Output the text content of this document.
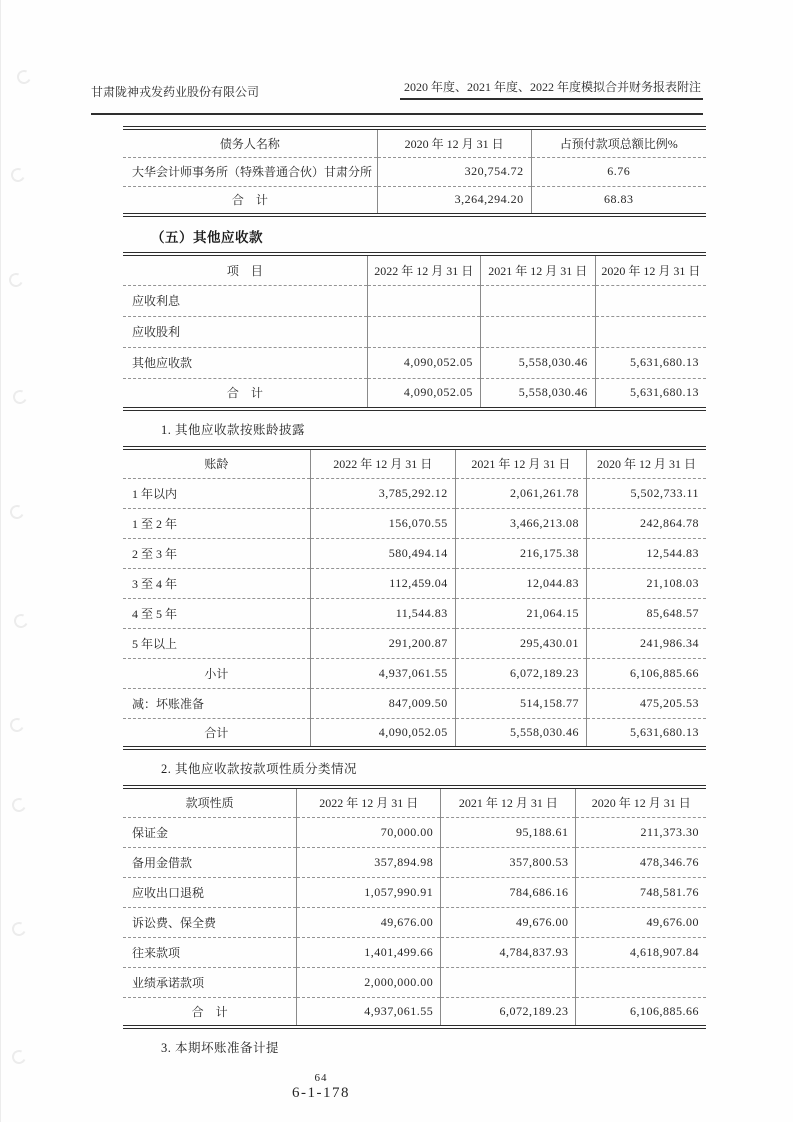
甘肃陇神戎发药业股份有限公司	2020 年度、2021 年度、2022 年度模拟合并财务报表附注
债务人名称	2020 年 12 月 31 日	占预付款项总额比例%
大华会计师事务所（特殊普通合伙）甘肃分所	320,754.72	6.76
合　计	3,264,294.20	68.83
（五）其他应收款
项　目	2022 年 12 月 31 日	2021 年 12 月 31 日	2020 年 12 月 31 日
应收利息			
应收股利			
其他应收款	4,090,052.05	5,558,030.46	5,631,680.13
合　计	4,090,052.05	5,558,030.46	5,631,680.13
1. 其他应收款按账龄披露
账龄	2022 年 12 月 31 日	2021 年 12 月 31 日	2020 年 12 月 31 日
1 年以内	3,785,292.12	2,061,261.78	5,502,733.11
1 至 2 年	156,070.55	3,466,213.08	242,864.78
2 至 3 年	580,494.14	216,175.38	12,544.83
3 至 4 年	112,459.04	12,044.83	21,108.03
4 至 5 年	11,544.83	21,064.15	85,648.57
5 年以上	291,200.87	295,430.01	241,986.34
小计	4,937,061.55	6,072,189.23	6,106,885.66
减：坏账准备	847,009.50	514,158.77	475,205.53
合计	4,090,052.05	5,558,030.46	5,631,680.13
2. 其他应收款按款项性质分类情况
款项性质	2022 年 12 月 31 日	2021 年 12 月 31 日	2020 年 12 月 31 日
保证金	70,000.00	95,188.61	211,373.30
备用金借款	357,894.98	357,800.53	478,346.76
应收出口退税	1,057,990.91	784,686.16	748,581.76
诉讼费、保全费	49,676.00	49,676.00	49,676.00
往来款项	1,401,499.66	4,784,837.93	4,618,907.84
业绩承诺款项	2,000,000.00		
合　计	4,937,061.55	6,072,189.23	6,106,885.66
3. 本期坏账准备计提
64
6-1-178
